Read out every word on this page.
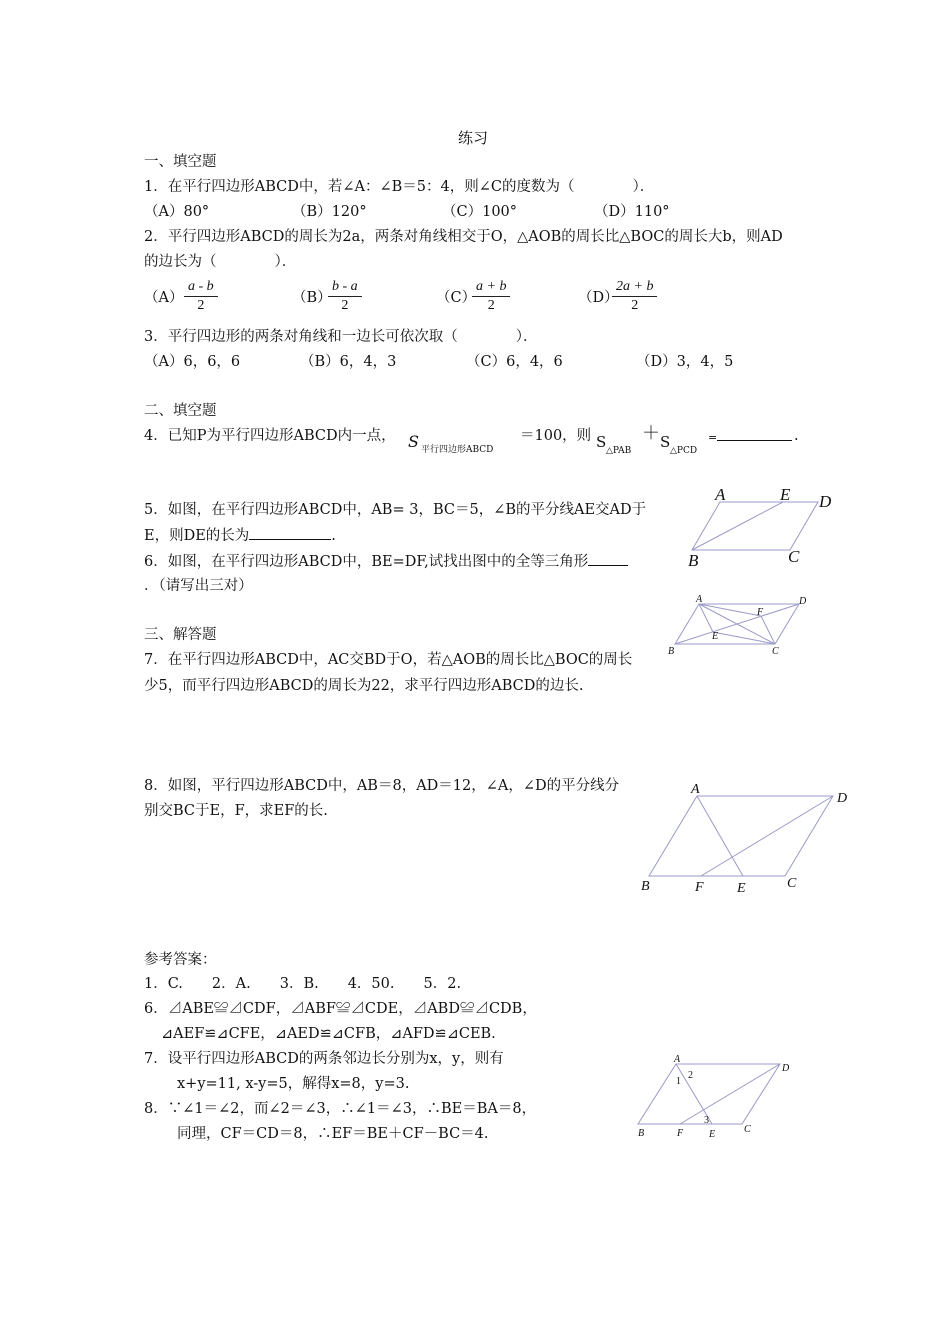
练习
一、填空题
1．在平行四边形ABCD中，若∠A：∠B＝5：4，则∠C的度数为（　　　　）．
（A）80°	（B）120°	（C）100°	（D）110°
2．平行四边形ABCD的周长为2a，两条对角线相交于O，△AOB的周长比△BOC的周长大b，则AD
的边长为（　　　　）．
$(A) \frac{a - b}{2}$	（B）
$\frac{b - a}{2}$	（C）
$\frac{a + b}{2}$	（D）
$\frac{2a + b}{2}$
3．平行四边形的两条对角线和一边长可依次取（　　　　）．
（A）6，6，6	（B）6，4，3	（C）6，4，6	（D）3，4，5
二、填空题
4．已知P为平行四边形ABCD内一点， S 平行四边形ABCD
＝100，则 S △PAB
＋ S △PCD
=	.
5．如图，在平行四边形ABCD中，AB= 3，BC＝5，∠B的平分线AE交AD于
E，则DE的长为	.
6．如图，在平行四边形ABCD中，BE=DF,试找出图中的全等三角形
．（请写出三对）
三、解答题
7．在平行四边形ABCD中，AC交BD于O，若△AOB的周长比△BOC的周长
少5，而平行四边形ABCD的周长为22，求平行四边形ABCD的边长.
8．如图，平行四边形ABCD中，AB＝8，AD＝12，∠A，∠D的平分线分
别交BC于E，F，求EF的长.
参考答案：
1．C.　　2．A.　　3．B.　　4．50.　　5．2.
6．⊿ABE≌⊿CDF，⊿ABF≌⊿CDE，⊿ABD≌⊿CDB，
⊿AEF≌⊿CFE，⊿AED≌⊿CFB，⊿AFD≌⊿CEB.
7．设平行四边形ABCD的两条邻边长分别为x，y，则有
x+y=11, x-y=5，解得x=8，y=3.
8．∵∠1＝∠2，而∠2＝∠3，∴∠1＝∠3，∴BE＝BA＝8，
同理，CF＝CD＝8，∴EF＝BE＋CF－BC＝4.
A	E D
B	C
A	D
F
E
B	C
A
D
B	F E	C
A
D
1
2
3
B	F	E	C
